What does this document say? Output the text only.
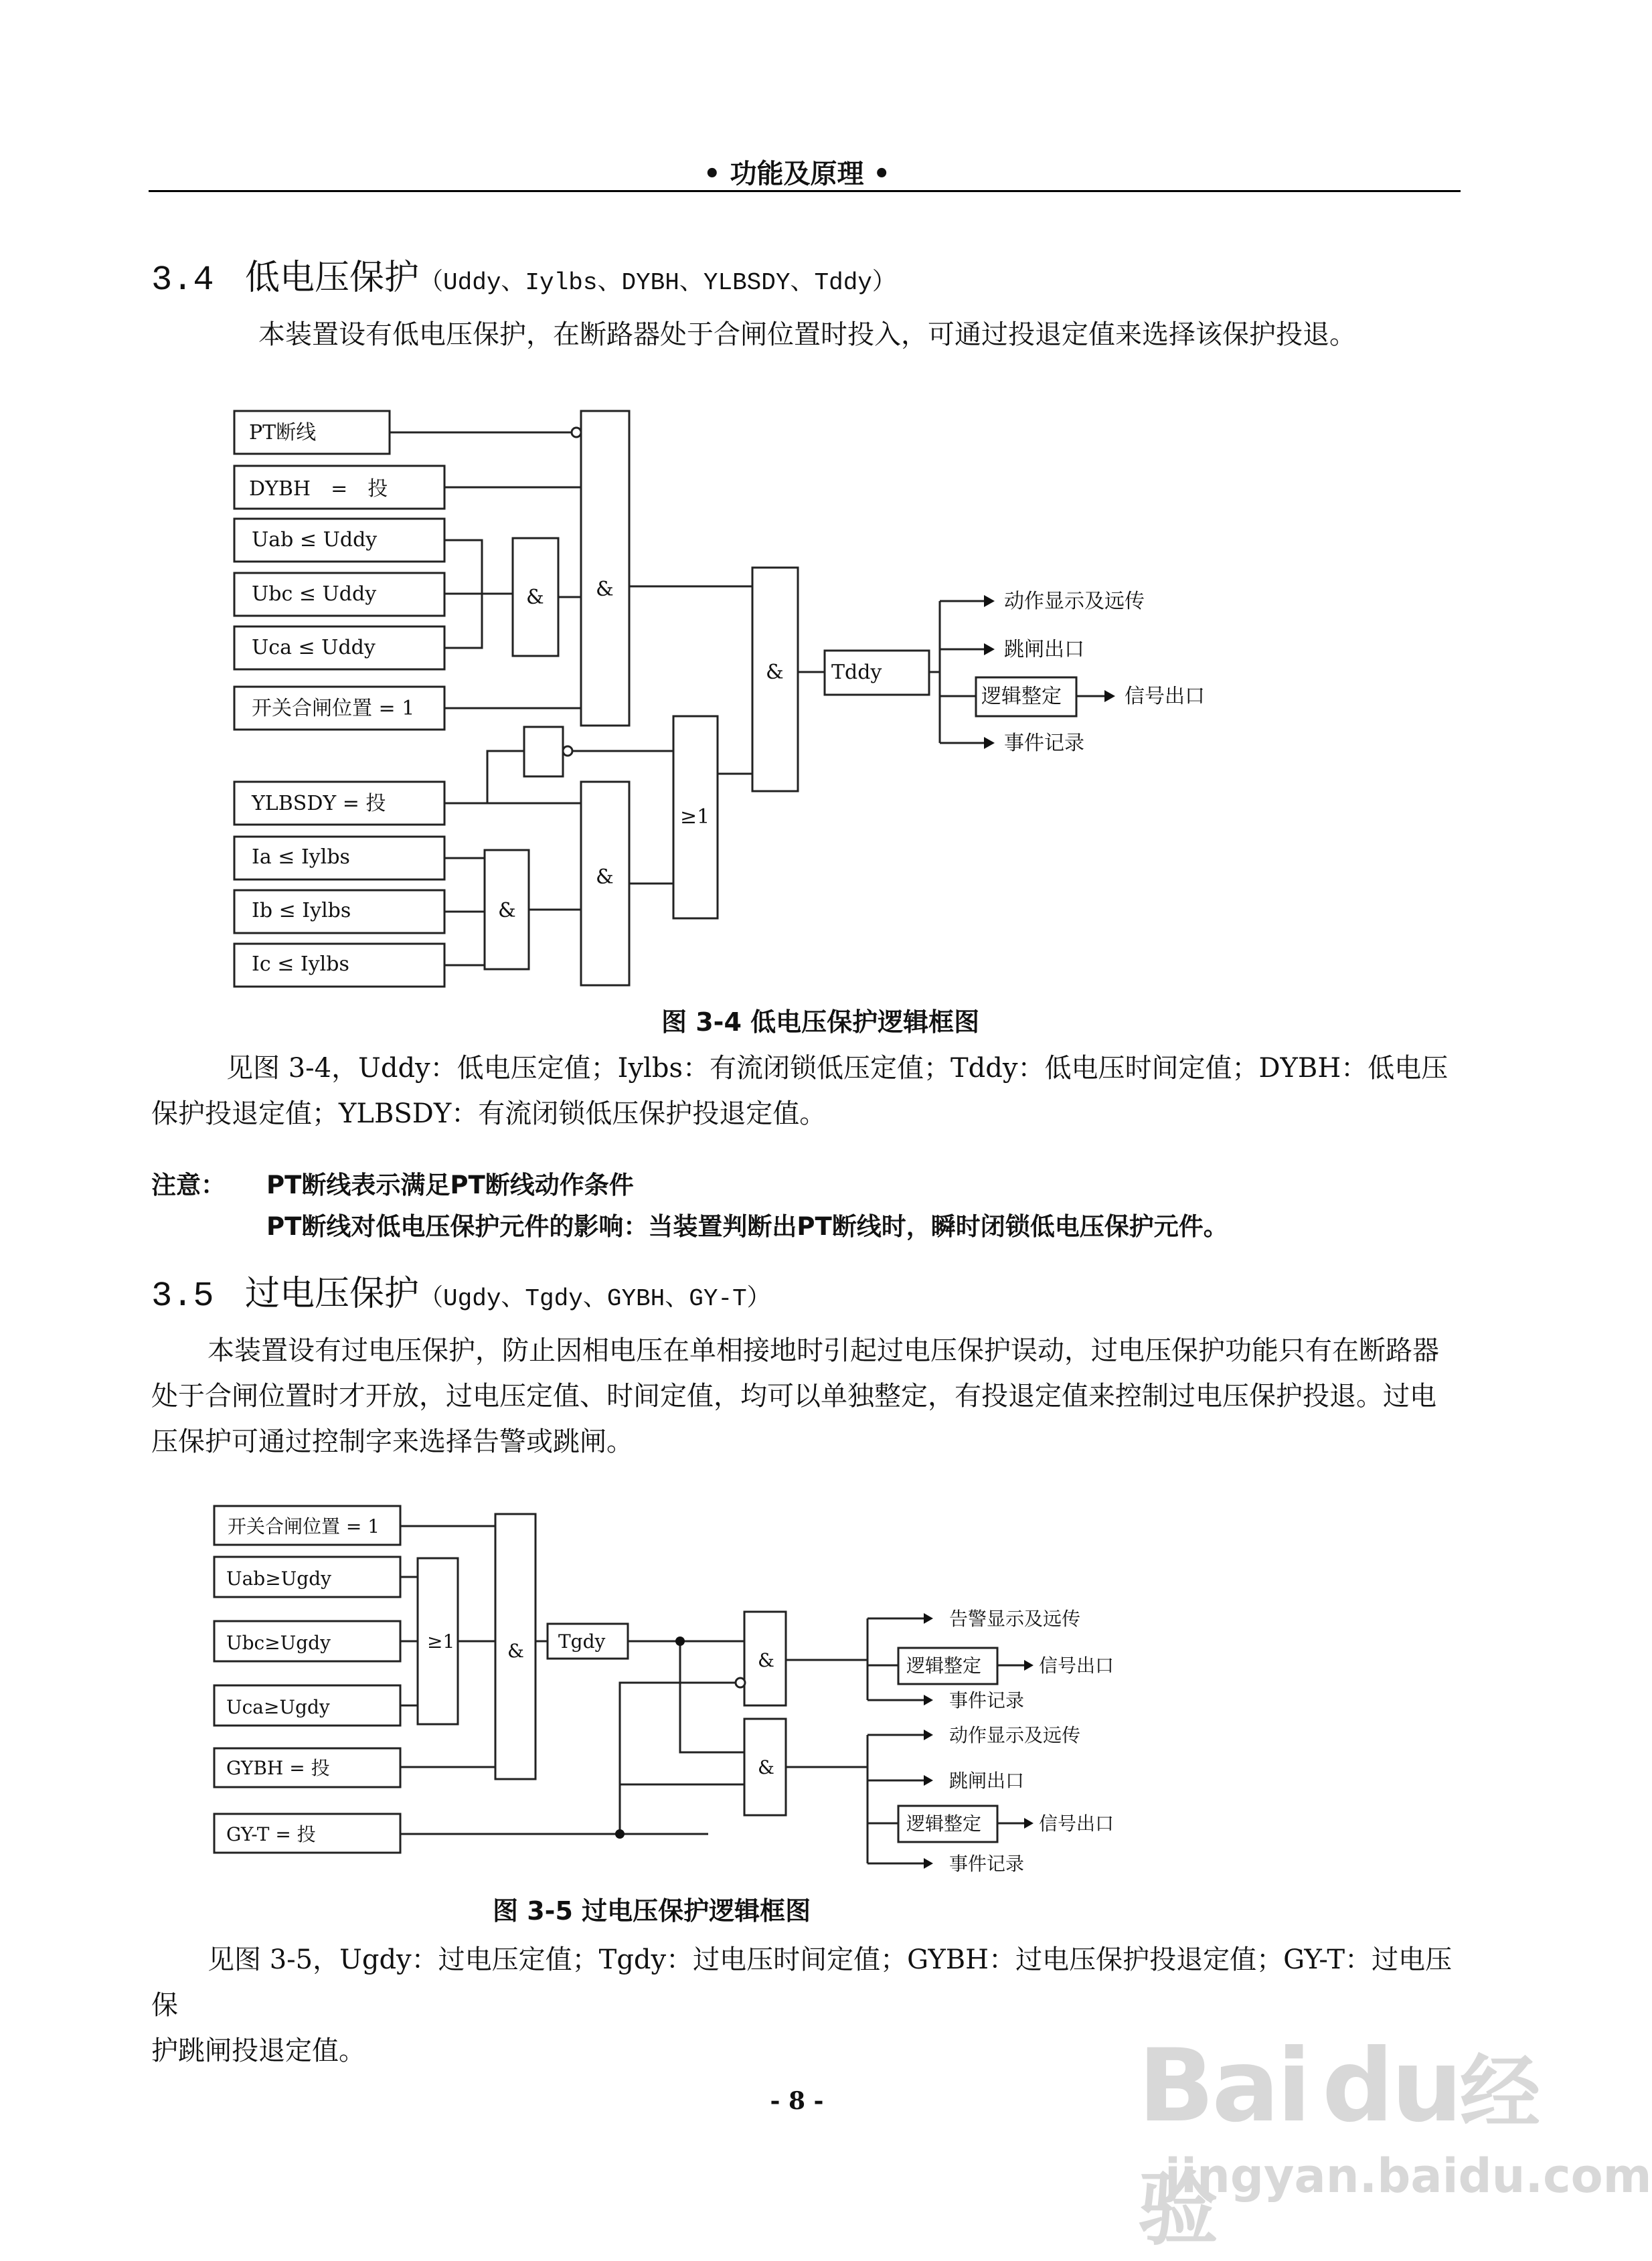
• 功能及原理 •
3.4 低电压保护（Uddy、Iylbs、DYBH、YLBSDY、Tddy）
本装置设有低电压保护，在断路器处于合闸位置时投入，可通过投退定值来选择该保护投退。
PT断线
DYBH　=　投
Uab ≤ Uddy
Ubc ≤ Uddy
Uca ≤ Uddy
开关合闸位置 = 1
YLBSDY = 投
Ia ≤ Iylbs
Ib ≤ Iylbs
Ic ≤ Iylbs
&	&
&
&
&
≥1
Tddy
动作显示及远传
跳闸出口
逻辑整定	信号出口
事件记录
图 3-4 低电压保护逻辑框图
见图 3-4，Uddy：低电压定值；Iylbs：有流闭锁低压定值；Tddy：低电压时间定值；DYBH：低电压
保护投退定值；YLBSDY：有流闭锁低压保护投退定值。
注意： PT断线表示满足PT断线动作条件
PT断线对低电压保护元件的影响：当装置判断出PT断线时，瞬时闭锁低电压保护元件。
3.5 过电压保护（Ugdy、Tgdy、GYBH、GY-T）
本装置设有过电压保护，防止因相电压在单相接地时引起过电压保护误动，过电压保护功能只有在断路器
处于合闸位置时才开放，过电压定值、时间定值，均可以单独整定，有投退定值来控制过电压保护投退。过电
压保护可通过控制字来选择告警或跳闸。
开关合闸位置 = 1
Uab≥Ugdy
Ubc≥Ugdy
Uca≥Ugdy
GYBH = 投
GY-T = 投
≥1	& Tgdy
&
&
告警显示及远传
逻辑整定	信号出口
事件记录
动作显示及远传
跳闸出口
逻辑整定	信号出口
事件记录
图 3-5 过电压保护逻辑框图
见图 3-5，Ugdy：过电压定值；Tgdy：过电压时间定值；GYBH：过电压保护投退定值；GY-T：过电压保
护跳闸投退定值。
- 8 -	Bai du经验
jingyan.baidu.com
